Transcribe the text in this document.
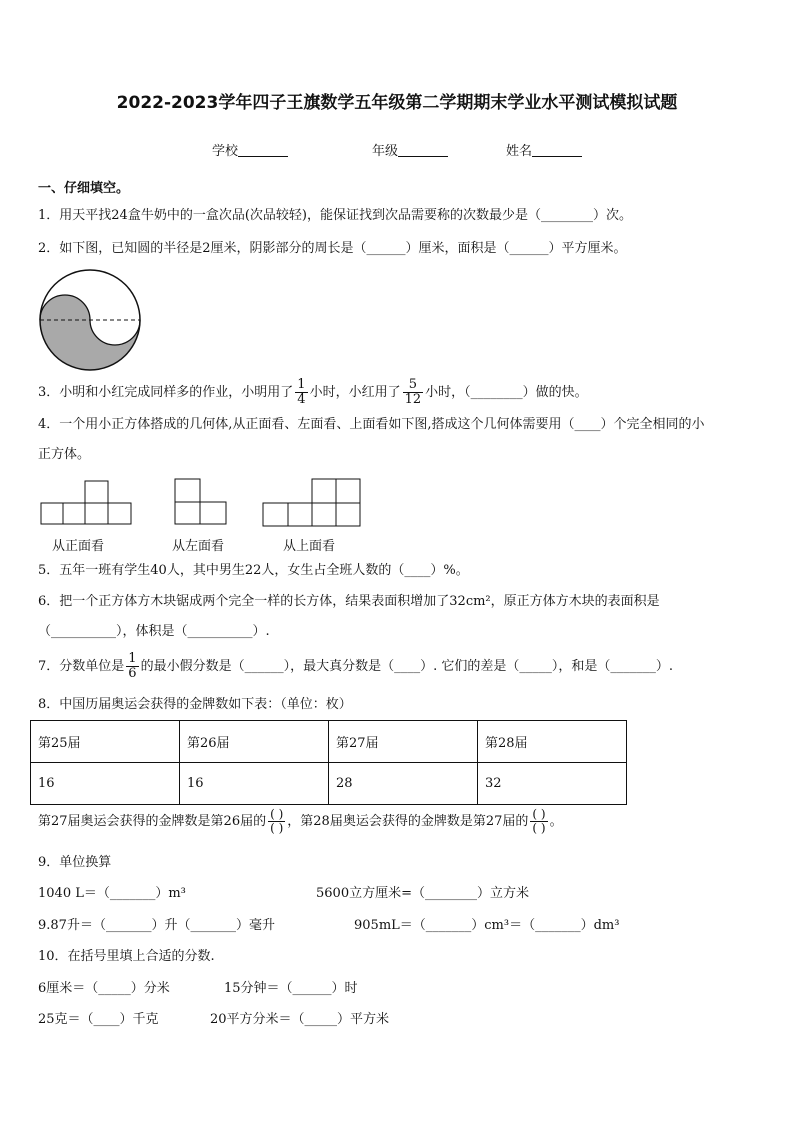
2022-2023学年四子王旗数学五年级第二学期期末学业水平测试模拟试题
学校	年级	姓名
一、仔细填空。
1．用天平找24盒牛奶中的一盒次品(次品较轻)，能保证找到次品需要称的次数最少是（________）次。
2．如下图，已知圆的半径是2厘米，阴影部分的周长是（______）厘米，面积是（______）平方厘米。
3．小明和小红完成同样多的作业，小明用了 $\frac{1}{4}$ 小时，小红用了 $\frac{5}{12}$ 小时，（________）做的快。
4．一个用小正方体搭成的几何体,从正面看、左面看、上面看如下图,搭成这个几何体需要用（____）个完全相同的小
正方体。
从正面看	从左面看	从上面看
5．五年一班有学生40人，其中男生22人，女生占全班人数的（____）%。
6．把一个正方体方木块锯成两个完全一样的长方体，结果表面积增加了32cm²，原正方体方木块的表面积是
（__________），体积是（__________）.
7．分数单位是 $\frac{1}{6}$ 的最小假分数是（______），最大真分数是（____）. 它们的差是（_____），和是（_______）.
8．中国历届奥运会获得的金牌数如下表：（单位：枚）
第25届	第26届	第27届	第28届
16	16	28	32
第27届奥运会获得的金牌数是第26届的 $\frac{( )}{( )}$ ，第28届奥运会获得的金牌数是第27届的 $\frac{( )}{( )}$ 。
9．单位换算
1040 L＝（_______）m³	5600立方厘米=（________）立方米
9.87升＝（_______）升（_______）毫升	905mL＝（_______）cm³＝（_______）dm³
10．在括号里填上合适的分数.
6厘米＝（_____）分米	15分钟＝（______）时
25克＝（____）千克	20平方分米＝（_____）平方米
